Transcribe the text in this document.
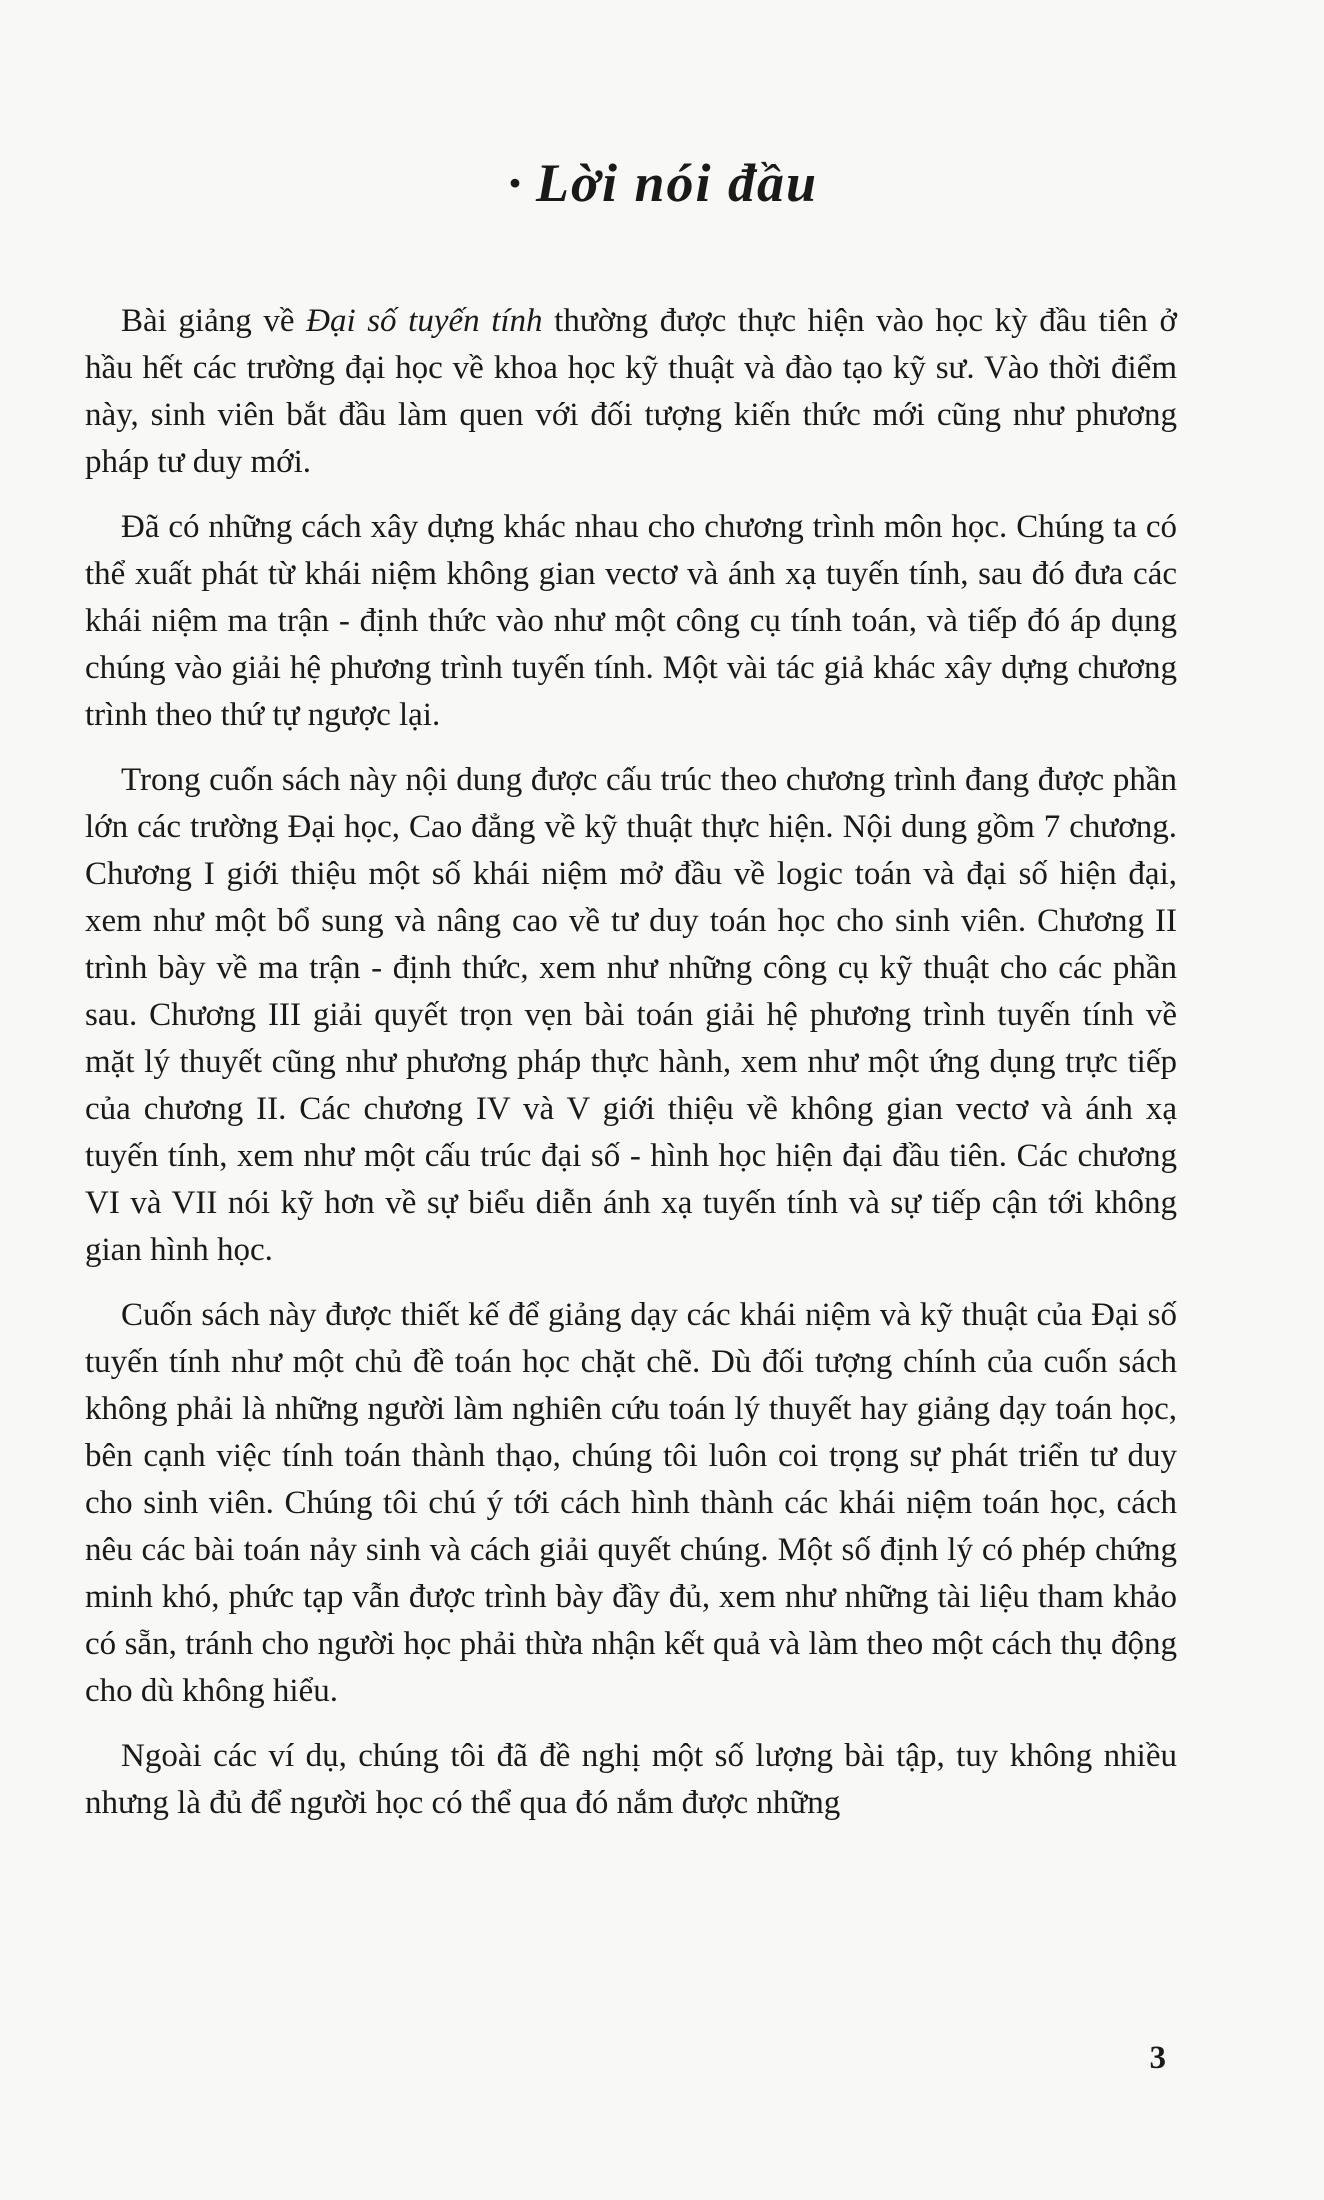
· Lời nói đầu

Bài giảng về Đại số tuyến tính thường được thực hiện vào học kỳ đầu tiên ở hầu hết các trường đại học về khoa học kỹ thuật và đào tạo kỹ sư. Vào thời điểm này, sinh viên bắt đầu làm quen với đối tượng kiến thức mới cũng như phương pháp tư duy mới.

Đã có những cách xây dựng khác nhau cho chương trình môn học. Chúng ta có thể xuất phát từ khái niệm không gian vectơ và ánh xạ tuyến tính, sau đó đưa các khái niệm ma trận - định thức vào như một công cụ tính toán, và tiếp đó áp dụng chúng vào giải hệ phương trình tuyến tính. Một vài tác giả khác xây dựng chương trình theo thứ tự ngược lại.

Trong cuốn sách này nội dung được cấu trúc theo chương trình đang được phần lớn các trường Đại học, Cao đẳng về kỹ thuật thực hiện. Nội dung gồm 7 chương. Chương I giới thiệu một số khái niệm mở đầu về logic toán và đại số hiện đại, xem như một bổ sung và nâng cao về tư duy toán học cho sinh viên. Chương II trình bày về ma trận - định thức, xem như những công cụ kỹ thuật cho các phần sau. Chương III giải quyết trọn vẹn bài toán giải hệ phương trình tuyến tính về mặt lý thuyết cũng như phương pháp thực hành, xem như một ứng dụng trực tiếp của chương II. Các chương IV và V giới thiệu về không gian vectơ và ánh xạ tuyến tính, xem như một cấu trúc đại số - hình học hiện đại đầu tiên. Các chương VI và VII nói kỹ hơn về sự biểu diễn ánh xạ tuyến tính và sự tiếp cận tới không gian hình học.

Cuốn sách này được thiết kế để giảng dạy các khái niệm và kỹ thuật của Đại số tuyến tính như một chủ đề toán học chặt chẽ. Dù đối tượng chính của cuốn sách không phải là những người làm nghiên cứu toán lý thuyết hay giảng dạy toán học, bên cạnh việc tính toán thành thạo, chúng tôi luôn coi trọng sự phát triển tư duy cho sinh viên. Chúng tôi chú ý tới cách hình thành các khái niệm toán học, cách nêu các bài toán nảy sinh và cách giải quyết chúng. Một số định lý có phép chứng minh khó, phức tạp vẫn được trình bày đầy đủ, xem như những tài liệu tham khảo có sẵn, tránh cho người học phải thừa nhận kết quả và làm theo một cách thụ động cho dù không hiểu.

Ngoài các ví dụ, chúng tôi đã đề nghị một số lượng bài tập, tuy không nhiều nhưng là đủ để người học có thể qua đó nắm được những

3
